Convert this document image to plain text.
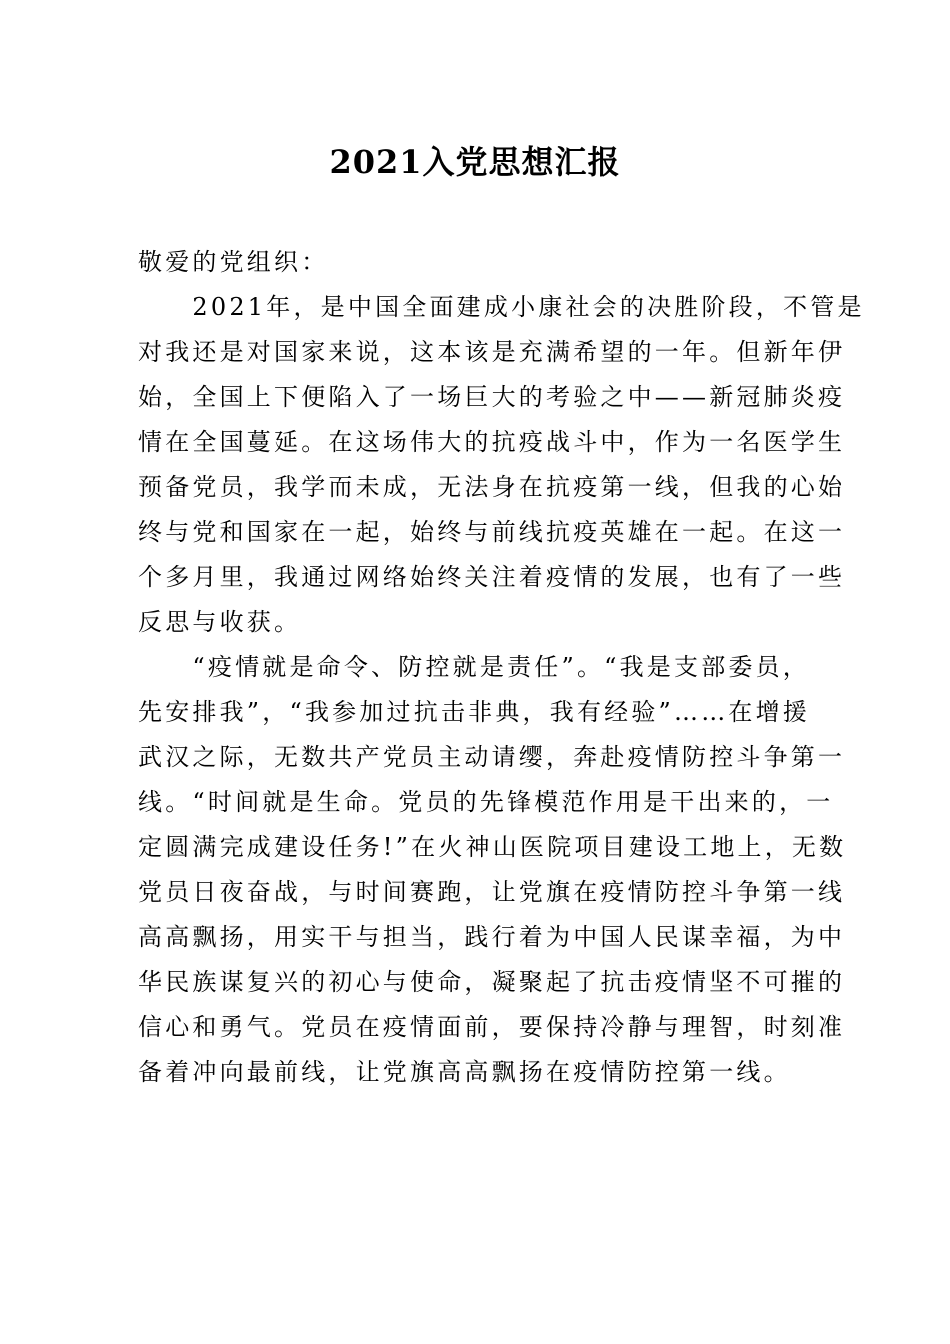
2021入党思想汇报
敬爱的党组织：
　　2021年，是中国全面建成小康社会的决胜阶段，不管是
对我还是对国家来说，这本该是充满希望的一年。但新年伊
始，全国上下便陷入了一场巨大的考验之中——新冠肺炎疫
情在全国蔓延。在这场伟大的抗疫战斗中，作为一名医学生
预备党员，我学而未成，无法身在抗疫第一线，但我的心始
终与党和国家在一起，始终与前线抗疫英雄在一起。在这一
个多月里，我通过网络始终关注着疫情的发展，也有了一些
反思与收获。
　　“疫情就是命令、防控就是责任”。“我是支部委员，
先安排我”，“我参加过抗击非典，我有经验”……在增援
武汉之际，无数共产党员主动请缨，奔赴疫情防控斗争第一
线。“时间就是生命。党员的先锋模范作用是干出来的，一
定圆满完成建设任务!”在火神山医院项目建设工地上，无数
党员日夜奋战，与时间赛跑，让党旗在疫情防控斗争第一线
高高飘扬，用实干与担当，践行着为中国人民谋幸福，为中
华民族谋复兴的初心与使命，凝聚起了抗击疫情坚不可摧的
信心和勇气。党员在疫情面前，要保持冷静与理智，时刻准
备着冲向最前线，让党旗高高飘扬在疫情防控第一线。
